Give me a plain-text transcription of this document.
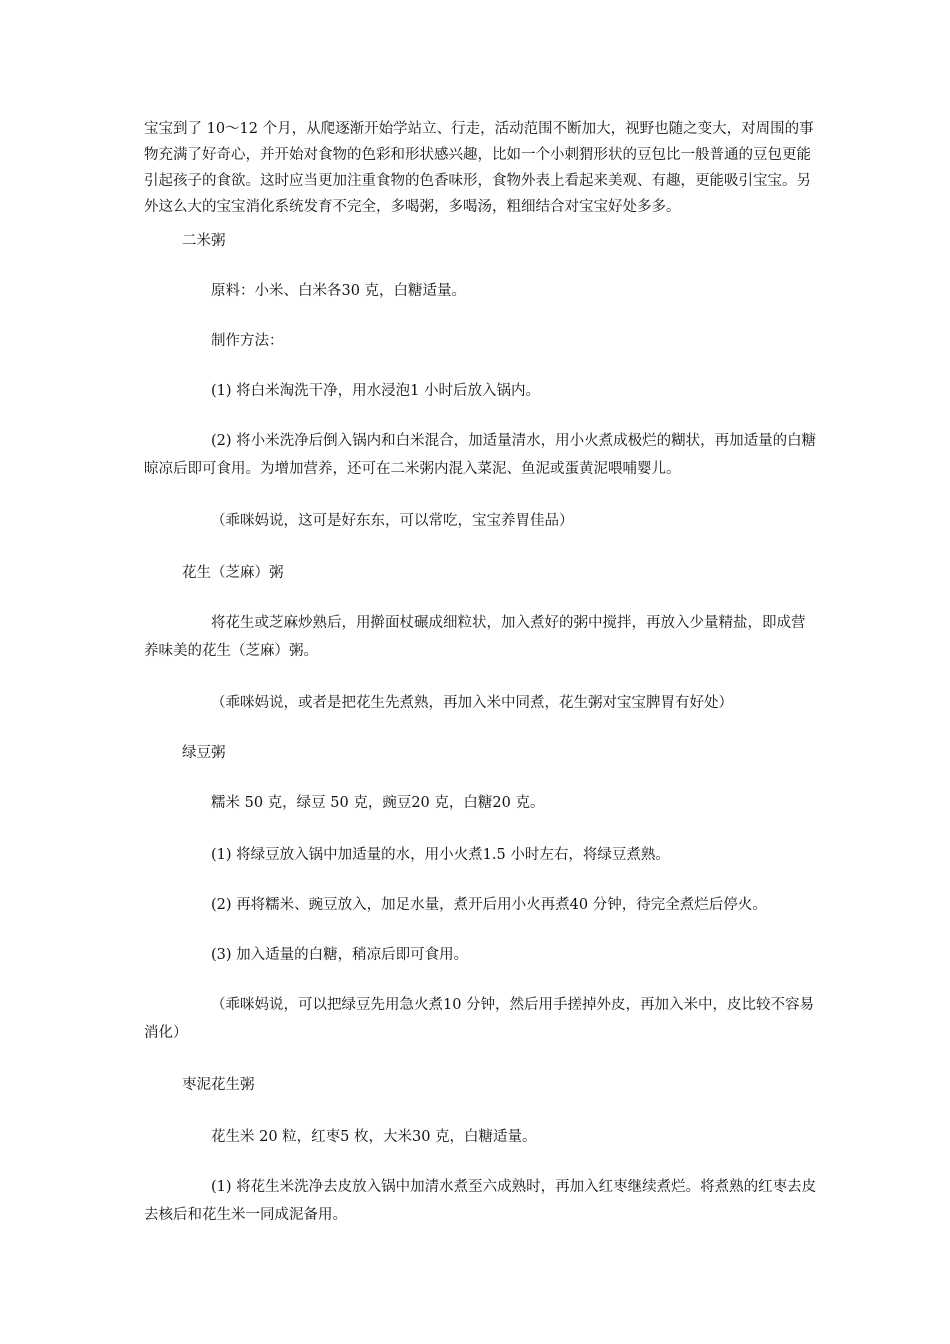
宝宝到了 10～12 个月，从爬逐渐开始学站立、行走，活动范围不断加大，视野也随之变大，对周围的事
物充满了好奇心，并开始对食物的色彩和形状感兴趣，比如一个小刺猬形状的豆包比一般普通的豆包更能
引起孩子的食欲。这时应当更加注重食物的色香味形，食物外表上看起来美观、有趣，更能吸引宝宝。另
外这么大的宝宝消化系统发育不完全，多喝粥，多喝汤，粗细结合对宝宝好处多多。
二米粥
原料：小米、白米各30 克，白糖适量。
制作方法：
(1) 将白米淘洗干净，用水浸泡1 小时后放入锅内。
(2) 将小米洗净后倒入锅内和白米混合，加适量清水，用小火煮成极烂的糊状，再加适量的白糖
晾凉后即可食用。为增加营养，还可在二米粥内混入菜泥、鱼泥或蛋黄泥喂哺婴儿。
（乖咪妈说，这可是好东东，可以常吃，宝宝养胃佳品）
花生（芝麻）粥
将花生或芝麻炒熟后，用擀面杖碾成细粒状，加入煮好的粥中搅拌，再放入少量精盐，即成营
养味美的花生（芝麻）粥。
（乖咪妈说，或者是把花生先煮熟，再加入米中同煮，花生粥对宝宝脾胃有好处）
绿豆粥
糯米 50 克，绿豆 50 克，豌豆20 克，白糖20 克。
(1) 将绿豆放入锅中加适量的水，用小火煮1.5 小时左右，将绿豆煮熟。
(2) 再将糯米、豌豆放入，加足水量，煮开后用小火再煮40 分钟，待完全煮烂后停火。
(3) 加入适量的白糖，稍凉后即可食用。
（乖咪妈说，可以把绿豆先用急火煮10 分钟，然后用手搓掉外皮，再加入米中，皮比较不容易
消化）
枣泥花生粥
花生米 20 粒，红枣5 枚，大米30 克，白糖适量。
(1) 将花生米洗净去皮放入锅中加清水煮至六成熟时，再加入红枣继续煮烂。将煮熟的红枣去皮
去核后和花生米一同成泥备用。
